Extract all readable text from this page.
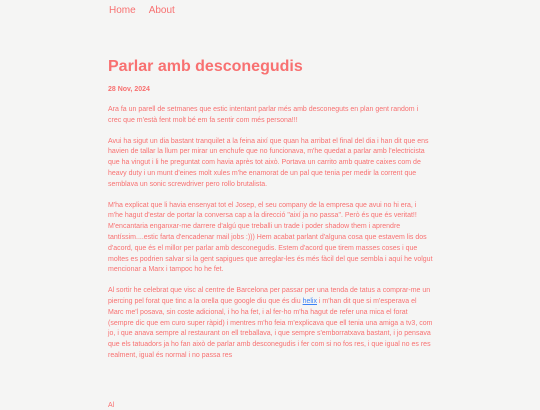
Home About
Parlar amb desconegudis
28 Nov, 2024

Ara fa un parell de setmanes que estic intentant parlar més amb desconeguts en plan gent random i crec que m'està fent molt bé em fa sentir com més persona!!!

Avui ha sigut un dia bastant tranquilet a la feina així que quan ha arribat el final del dia i han dit que ens havien de tallar la llum per mirar un enchufe que no funcionava, m'he quedat a parlar amb l'electricista que ha vingut i li he preguntat com havia après tot això. Portava un carrito amb quatre caixes com de heavy duty i un munt d'eines molt xules m'he enamorat de un pal que tenia per medir la corrent que semblava un sonic screwdriver pero rollo brutalista.

M'ha explicat que li havia ensenyat tot el Josep, el seu company de la empresa que avui no hi era, i m'he hagut d'estar de portar la conversa cap a la direcció "així ja no passa". Però és que és veritat!! M'encantaria enganxar-me darrere d'algú que treballi un trade i poder shadow them i aprendre tantíssim....estic farta d'encadenar mail jobs :))) Hem acabat parlant d'alguna cosa que estavem lis dos d'acord, que és el millor per parlar amb desconegudis. Estem d'acord que tirem masses coses i que moltes es podrien salvar si la gent sapigues que arreglar-les és més fàcil del que sembla i aquí he volgut mencionar a Marx i tampoc ho he fet.

Al sortir he celebrat que visc al centre de Barcelona per passar per una tenda de tatus a comprar-me un piercing pel forat que tinc a la orella que google diu que és diu helix i m'han dit que si m'esperava el Marc me'l posava, sin coste adicional, i ho ha fet, i al fer-ho m'ha hagut de refer una mica el forat (sempre dic que em curo super ràpid) i mentres m'ho feia m'explicava que ell tenia una amiga a tv3, com jo, i que anava sempre al restaurant on ell treballava, i que sempre s'emborratxava bastant, i jo pensava que els tatuadors ja ho fan això de parlar amb desconegudis i fer com si no fos res, i que igual no es res realment, igual és normal i no passa res

Al
